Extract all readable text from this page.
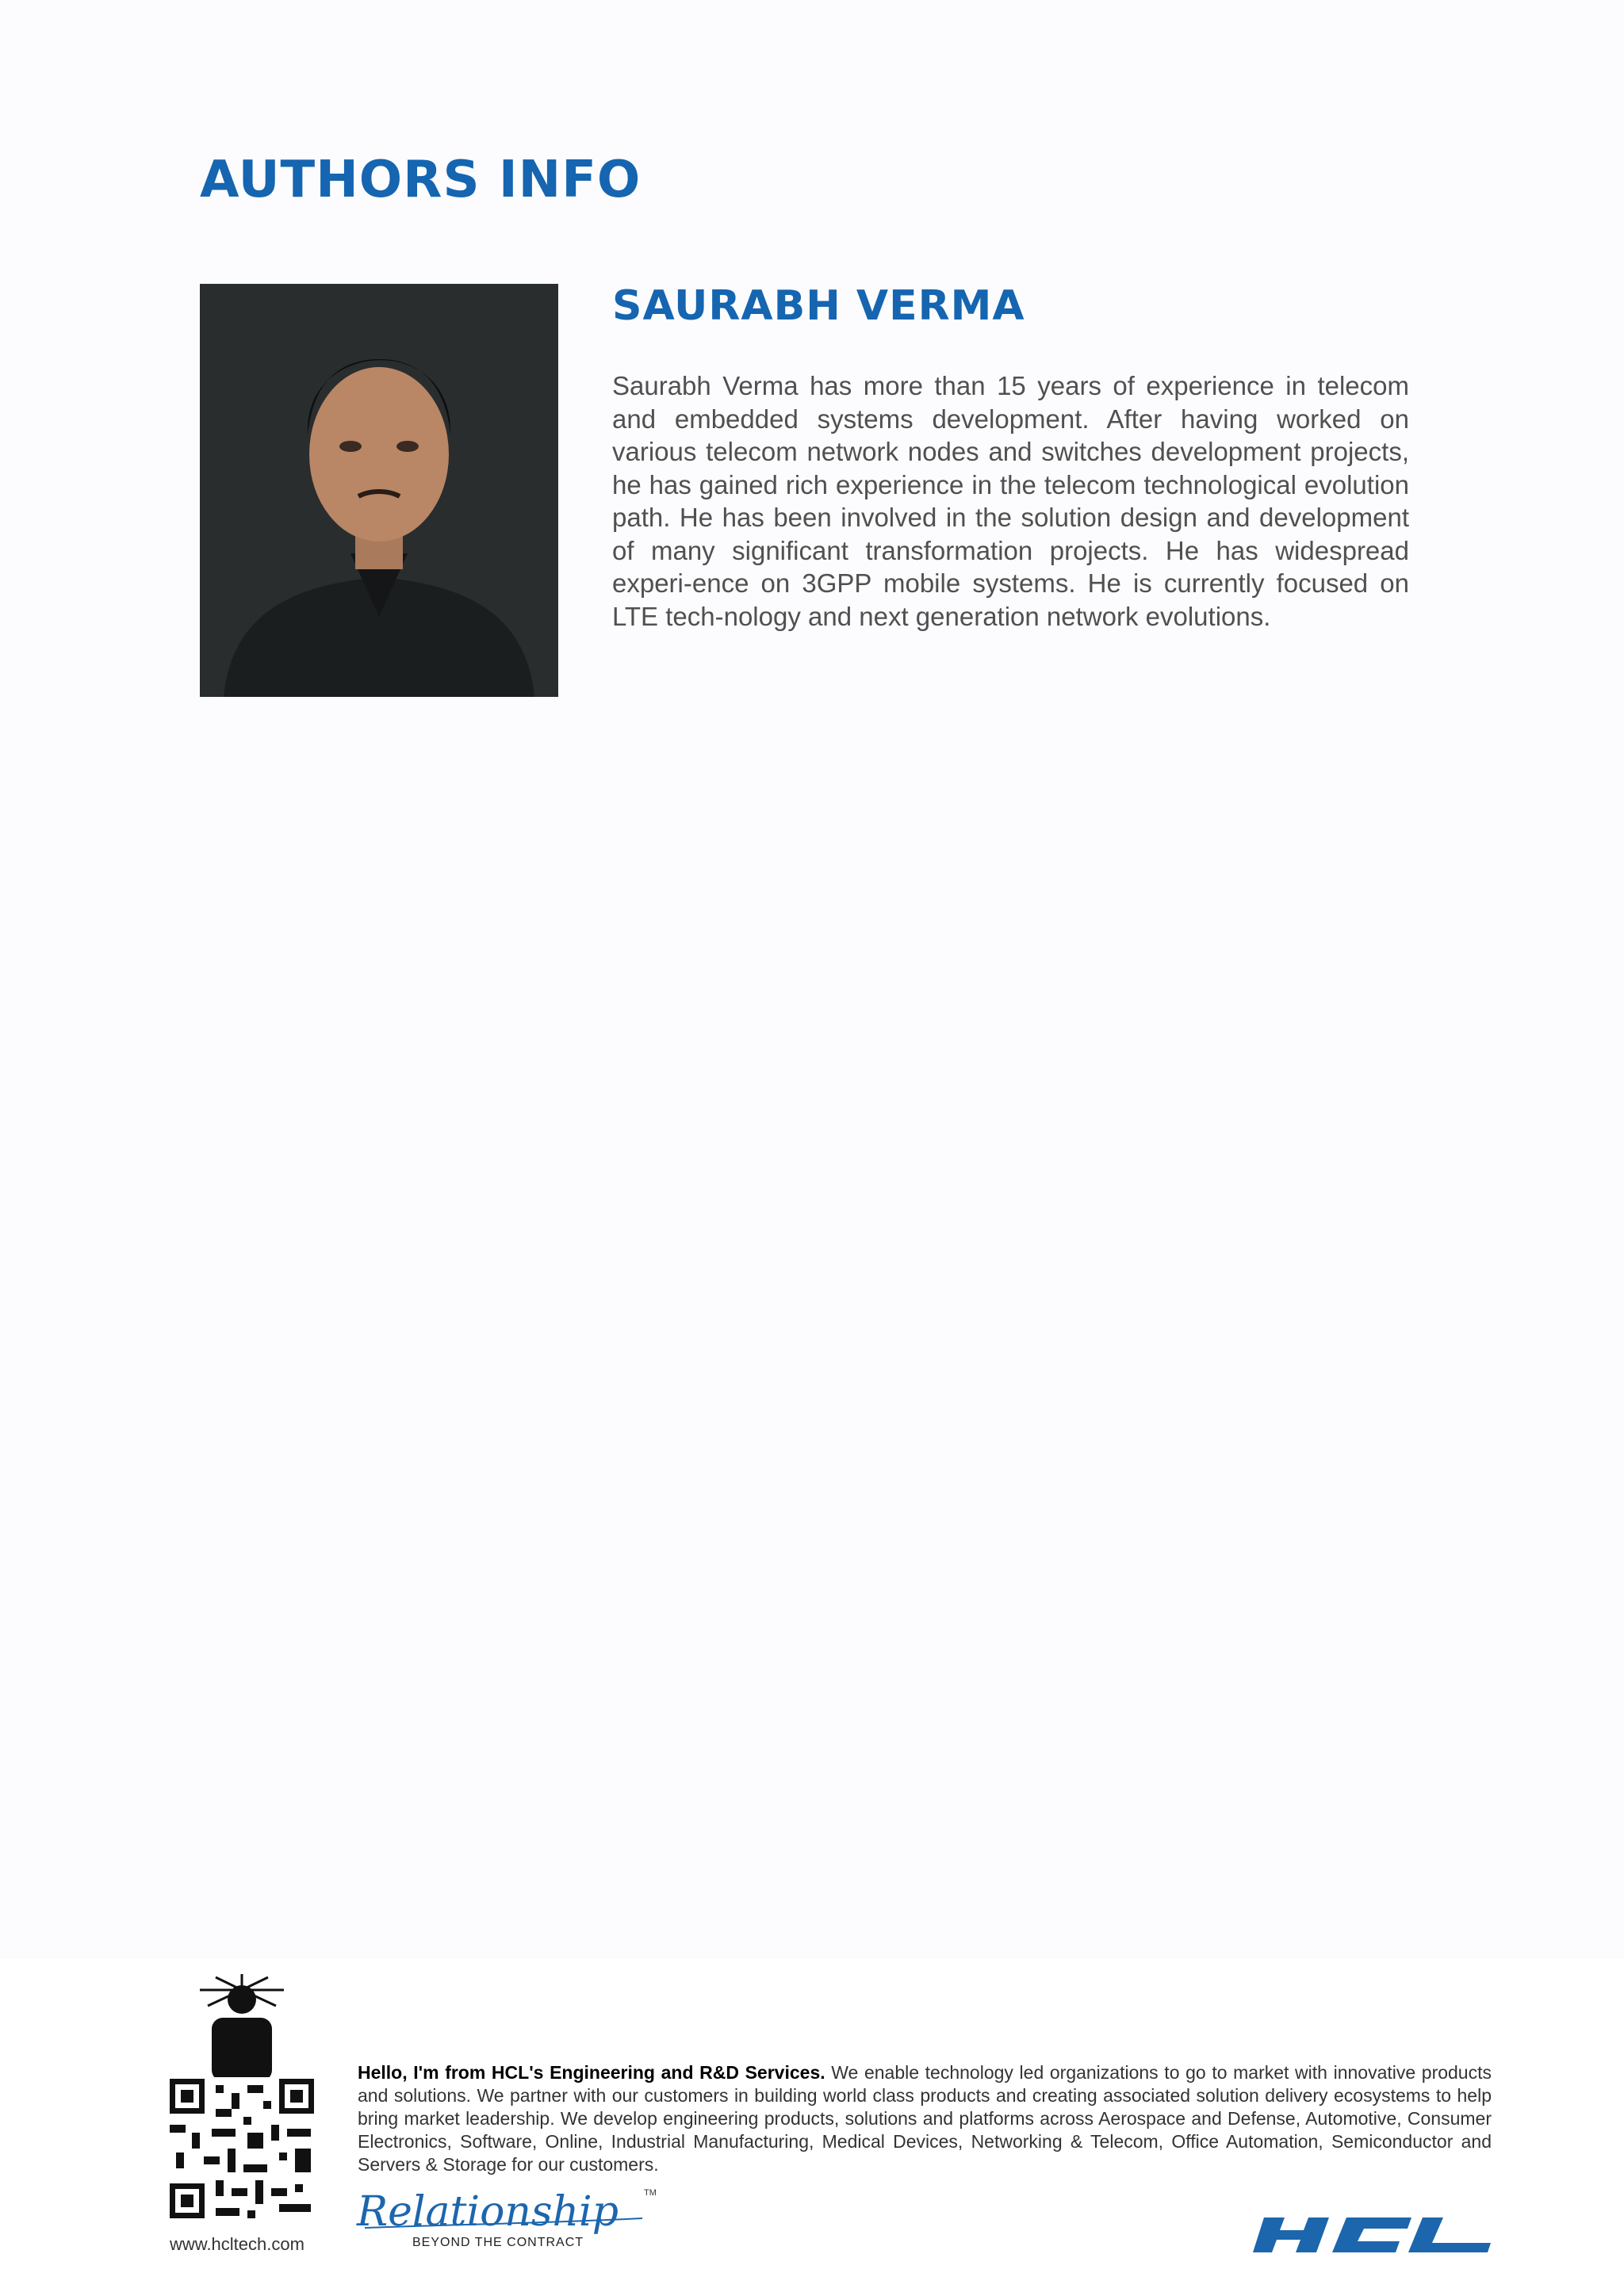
AUTHORS INFO
SAURABH VERMA

Saurabh Verma has more than 15 years of experience in telecom and embedded systems development. After having worked on various telecom network nodes and switches development projects, he has gained rich experience in the telecom technological evolution path. He has been involved in the solution design and development of many significant transformation projects. He has widespread experi-ence on 3GPP mobile systems. He is currently focused on LTE tech-nology and next generation network evolutions.

www.hcltech.com

Hello, I'm from HCL's Engineering and R&D Services. We enable technology led organizations to go to market with innovative products and solutions. We partner with our customers in building world class products and creating associated solution delivery ecosystems to help bring market leadership. We develop engineering products, solutions and platforms across Aerospace and Defense, Automotive, Consumer Electronics, Software, Online, Industrial Manufacturing, Medical Devices, Networking & Telecom, Office Automation, Semiconductor and Servers & Storage for our customers.

Relationship	TM
BEYOND THE CONTRACT
